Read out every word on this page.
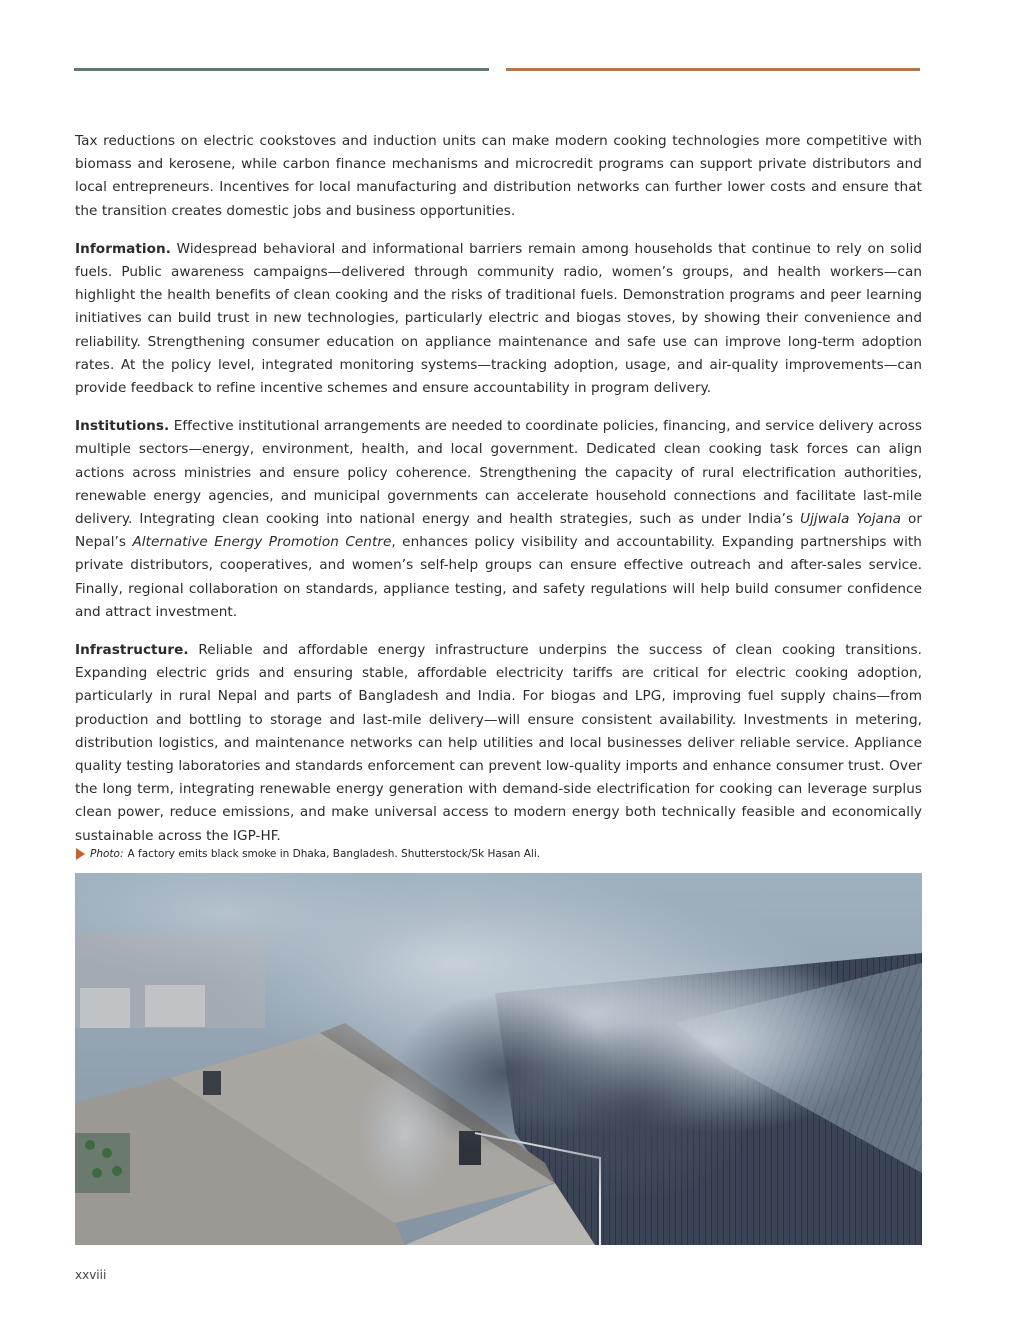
Tax reductions on electric cookstoves and induction units can make modern cooking technologies more competitive with biomass and kerosene, while carbon finance mechanisms and microcredit programs can support private distributors and local entrepreneurs. Incentives for local manufacturing and distribution networks can further lower costs and ensure that the transition creates domestic jobs and business opportunities.

Information. Widespread behavioral and informational barriers remain among households that continue to rely on solid fuels. Public awareness campaigns—delivered through community radio, women’s groups, and health workers—can highlight the health benefits of clean cooking and the risks of traditional fuels. Demonstration programs and peer learning initiatives can build trust in new technologies, particularly electric and biogas stoves, by showing their convenience and reliability. Strengthening consumer education on appliance maintenance and safe use can improve long-term adoption rates. At the policy level, integrated monitoring systems—tracking adoption, usage, and air-quality improvements—can provide feedback to refine incentive schemes and ensure accountability in program delivery.

Institutions. Effective institutional arrangements are needed to coordinate policies, financing, and service delivery across multiple sectors—energy, environment, health, and local government. Dedicated clean cooking task forces can align actions across ministries and ensure policy coherence. Strengthening the capacity of rural electrification authorities, renewable energy agencies, and municipal governments can accelerate household connections and facilitate last-mile delivery. Integrating clean cooking into national energy and health strategies, such as under India’s Ujjwala Yojana or Nepal’s Alternative Energy Promotion Centre, enhances policy visibility and accountability. Expanding partnerships with private distributors, cooperatives, and women’s self-help groups can ensure effective outreach and after-sales service. Finally, regional collaboration on standards, appliance testing, and safety regulations will help build consumer confidence and attract investment.

Infrastructure. Reliable and affordable energy infrastructure underpins the success of clean cooking transitions. Expanding electric grids and ensuring stable, affordable electricity tariffs are critical for electric cooking adoption, particularly in rural Nepal and parts of Bangladesh and India. For biogas and LPG, improving fuel supply chains—from production and bottling to storage and last-mile delivery—will ensure consistent availability. Investments in metering, distribution logistics, and maintenance networks can help utilities and local businesses deliver reliable service. Appliance quality testing laboratories and standards enforcement can prevent low-quality imports and enhance consumer trust. Over the long term, integrating renewable energy generation with demand-side electrification for cooking can leverage surplus clean power, reduce emissions, and make universal access to modern energy both technically feasible and economically sustainable across the IGP-HF.

Photo: A factory emits black smoke in Dhaka, Bangladesh. Shutterstock/Sk Hasan Ali.
xxviii
